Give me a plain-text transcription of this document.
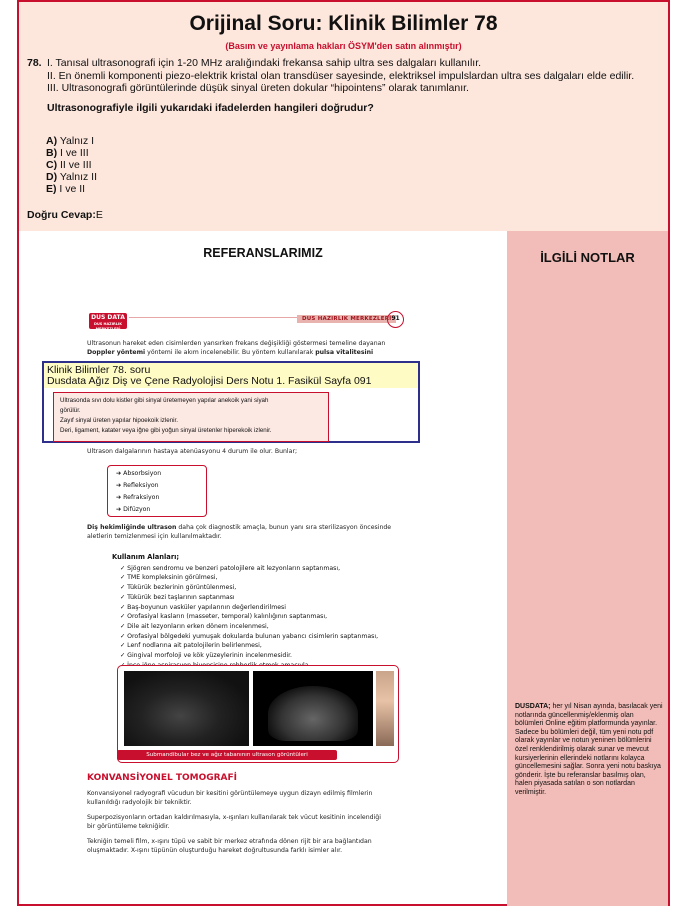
Orijinal Soru: Klinik Bilimler 78
(Basım ve yayınlama hakları ÖSYM'den satın alınmıştır)
78. I. Tanısal ultrasonografi için 1-20 MHz aralığındaki frekansa sahip ultra ses dalgaları kullanılır.
II. En önemli komponenti piezo-elektrik kristal olan transdüser sayesinde, elektriksel impulslardan ultra ses dalgaları elde edilir.
III. Ultrasonografi görüntülerinde düşük sinyal üreten dokular “hipointens” olarak tanımlanır.
Ultrasonografiyle ilgili yukarıdaki ifadelerden hangileri doğrudur?
A) Yalnız I
B) I ve III
C) II ve III
D) Yalnız II
E) I ve II
Doğru Cevap:E
REFERANSLARIMIZ
DUS DATA
DUS HAZIRLIK MERKEZLERİ
DUS HAZIRLIK MERKEZLERİ 91
Ultrasonun hareket eden cisimlerden yansırken frekans değişikliği göstermesi temeline dayanan
Doppler yöntemi yöntemi ile akım incelenebilir. Bu yöntem kullanılarak pulsa vitalitesini
Ultrason dalgalarının hastaya atenüasyonu 4 durum ile olur. Bunlar;
➔ Absorbsiyon
➔ Refleksiyon
➔ Refraksiyon
➔ Difüzyon
Diş hekimliğinde ultrason daha çok diagnostik amaçla, bunun yanı sıra sterilizasyon öncesinde
aletlerin temizlenmesi için kullanılmaktadır.
Kullanım Alanları;
✓ Sjögren sendromu ve benzeri patolojilere ait lezyonların saptanması,
✓ TME kompleksinin görülmesi,
✓ Tükürük bezlerinin görüntülenmesi,
✓ Tükürük bezi taşlarının saptanması
✓ Baş-boyunun vasküler yapılarının değerlendirilmesi
✓ Orofasiyal kasların (masseter, temporal) kalınlığının saptanması,
✓ Dile ait lezyonların erken dönem incelenmesi,
✓ Orofasiyal bölgedeki yumuşak dokularda bulunan yabancı cisimlerin saptanması,
✓ Lenf nodlarına ait patolojilerin belirlenmesi,
✓ Gingival morfoloji ve kök yüzeylerinin incelenmesidir.
Submandibular bez ve ağız tabanının ultrason görüntüleri
KONVANSİYONEL TOMOGRAFİ
Konvansiyonel radyografi vücudun bir kesitini görüntülemeye uygun dizayn edilmiş filmlerin
kullanıldığı radyolojik bir tekniktir.
Superpozisyonların ortadan kaldırılmasıyla, x-ışınları kullanılarak tek vücut kesitinin incelendiği
bir görüntüleme tekniğidir.
Tekniğin temeli film, x-ışını tüpü ve sabit bir merkez etrafında dönen rijit bir ara bağlantıdan
oluşmaktadır. X-ışını tüpünün oluşturduğu hareket doğrultusunda farklı isimler alır.
Klinik Bilimler 78. soru
Dusdata Ağız Diş ve Çene Radyolojisi Ders Notu 1. Fasikül Sayfa 091
Ultrasonda sıvı dolu kistler gibi sinyal üretemeyen yapılar anekoik yani siyah
görülür.
Zayıf sinyal üreten yapılar hipoekoik izlenir.
Deri, ligament, katater veya iğne gibi yoğun sinyal üretenler hiperekoik izlenir.
İLGİLİ NOTLAR
DUSDATA; her yıl Nisan ayında, basılacak yeni notlarında güncellenmiş/eklenmiş olan bölümleri Online eğitim platformunda yayınlar. Sadece bu bölümleri değil, tüm yeni notu pdf olarak yayınlar ve notun yeninen bölümlerini özel renklendirilmiş olarak sunar ve mevcut kursiyerlerinin ellerindeki notlarını kolayca güncellemesini sağlar. Sonra yeni notu baskıya gönderir. İşte bu referanslar basılmış olan, halen piyasada satılan o son notlardan verilmiştir.
